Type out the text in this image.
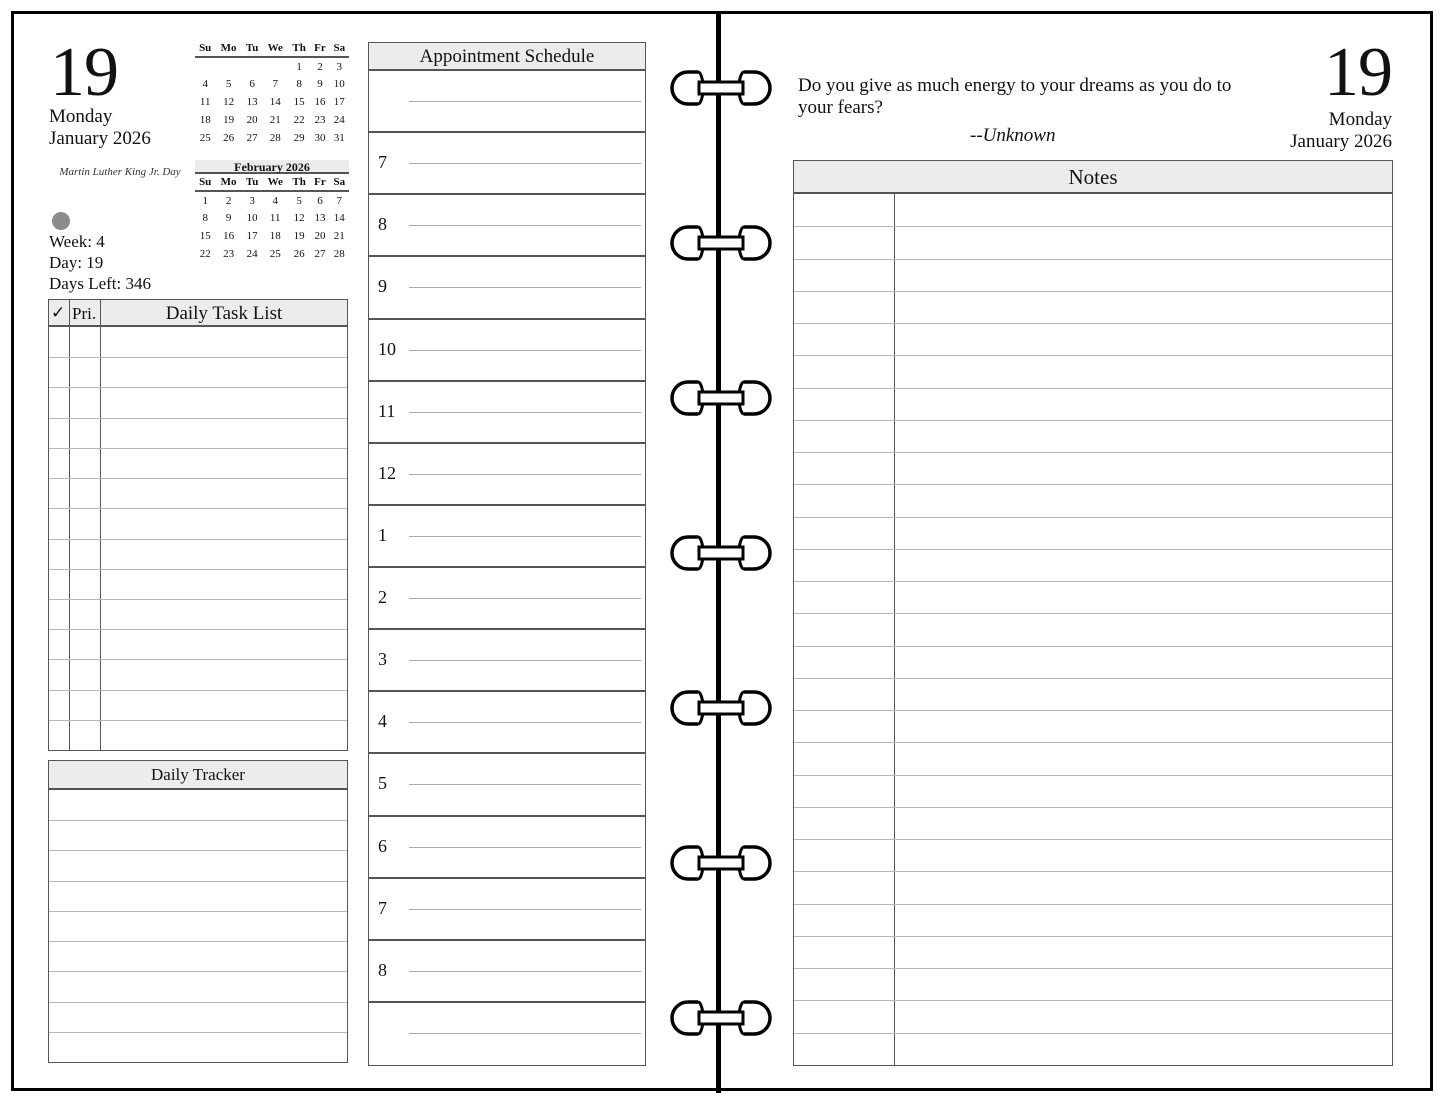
19
Monday
January 2026
Martin Luther King Jr. Day
Week: 4
Day: 19
Days Left: 346
Su	Mo	Tu	We	Th	Fr	Sa
				1	2	3
4	5	6	7	8	9	10
11	12	13	14	15	16	17
18	19	20	21	22	23	24
25	26	27	28	29	30	31
February 2026
Su	Mo	Tu	We	Th	Fr	Sa
1	2	3	4	5	6	7
8	9	10	11	12	13	14
15	16	17	18	19	20	21
22	23	24	25	26	27	28
✓ Pri.	Daily Task List
Daily Tracker
Appointment Schedule
7
8
9
10
11
12
1
2
3
4
5
6
7
8
Do you give as much energy to your dreams as you do to your fears?
--Unknown
19
Monday
January 2026
Notes
